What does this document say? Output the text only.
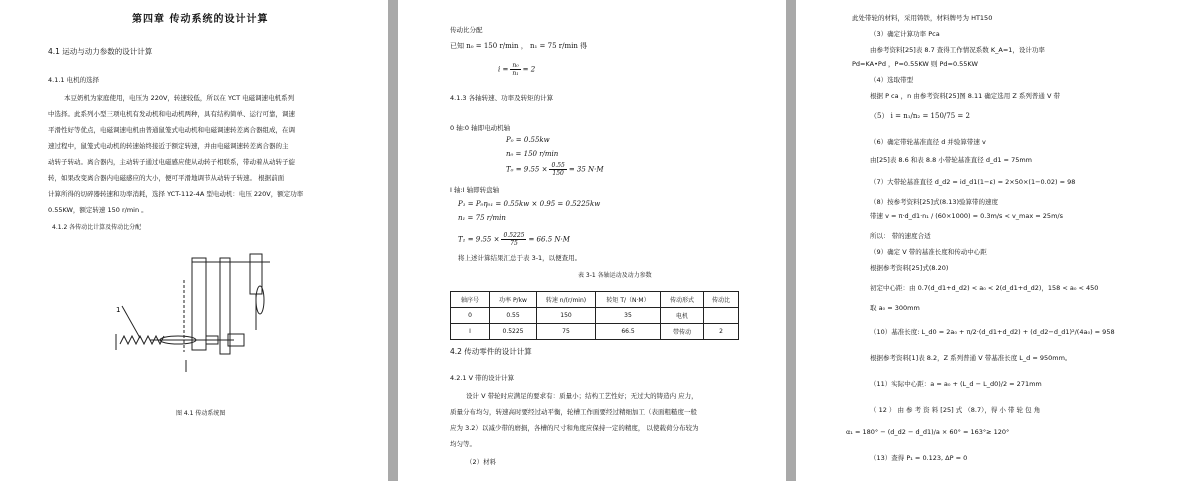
第四章 传动系统的设计计算
4.1 运动与动力参数的设计计算
4.1.1 电机的选择
本豆奶机为家庭使用，电压为 220V，转速较低，所以在 YCT 电磁调速电机系列
中选择。此系列小型三项电机有发动机和电动机两种，具有结构简单、运行可靠，调速
平滑性好等优点，电磁调速电机由普通鼠笼式电动机和电磁调速转差离合器组成，在调
速过程中，鼠笼式电动机的转速始终接近于额定转速，并由电磁调速转差离合器的主
动转子转动。离合器内，主动转子通过电磁感应使从动转子相联系，带动着从动转子旋
转，如果改变离合器内电磁感应的大小，便可平滑地调节从动转子转速。 根据前面
计算所得的切碎器转速和功率消耗，选择 YCT-112-4A 型电动机：电压 220V，额定功率
0.55KW，额定转速 150 r/min 。
4.1.2 各传动比计算及传动比分配
1
图 4.1 传动系统图
传动比分配
已知 n₀ = 150 r/min ， n₁ = 75 r/min 得
$i = \frac{\text{n₀}}{\text{n₁}} = 2$
4.1.3 各轴转速、功率及转矩的计算
0 轴:0 轴即电动机轴
P₀ = 0.55kw
n₀ = 150 r/min
$T_0 = 9.55 \times \frac{0.55}{150} = 35$ N·M
I 轴:I 轴即转盘轴
P₁ = P₀η₀₁ = 0.55kw × 0.95 = 0.5225kw
n₁ = 75 r/min
$T_1 = 9.55 \times \frac{0.5225}{75} = 66.5$ N·M
将上述计算结果汇总于表 3-1，以便查用。
表 3-1 各轴运动及动力参数
轴序号	功率 P/kw	转速 n/(r/min)	转矩 T/（N·M）	传动形式	传动比
0	0.55	150	35	电机	
I	0.5225	75	66.5	带传动	2
4.2 传动零件的设计计算
4.2.1 V 带的设计计算
设计 V 带轮时应满足的要求有：质量小；结构工艺性好；无过大的铸造内 应力，
质量分布均匀，转速高时要经过动平衡，轮槽工作面要经过精细加工（表面粗糙度一般
应为 3.2）以减少带的磨损，各槽的尺寸和角度应保持一定的精度， 以使载荷分布较为
均匀等。
（2）材料
此处带轮的材料，采用铸铁，材料牌号为 HT150
（3）确定计算功率 Pca
由参考资料[25]表 8.7 查得工作情况系数 K_A=1，设计功率
Pd=KA•Pd ，P=0.55KW 则 Pd=0.55KW
（4）选取带型
根据 P ca ，n 由参考资料[25]图 8.11 确定选用 Z 系列普通 V 带
（5） i = n₁/n₂ = 150/75 = 2
（6）确定带轮基准直径 d 并验算带速 v
由[25]表 8.6 和表 8.8 小带轮基准直径 d_d1 = 75mm
（7）大带轮基准直径 d_d2 = id_d1(1−ε) = 2×50×(1−0.02) = 98
（8）按参考资料[25]式(8.13)验算带的速度
带速 v = π·d_d1·n₁ / (60×1000) = 0.3m/s < v_max = 25m/s
所以： 带的速度合适
（9）确定 V 带的基准长度和传动中心距
根据参考资料[25]式(8.20)
初定中心距：由 0.7(d_d1+d_d2) < a₀ < 2(d_d1+d_d2)，158 < a₀ < 450
取 a₀ = 300mm
（10）基准长度: L_d0 = 2a₀ + π/2·(d_d1+d_d2) + (d_d2−d_d1)²/(4a₀) = 958
根据参考资料[1]表 8.2，Z 系列普通 V 带基准长度 L_d = 950mm。
（11）实际中心距：a = a₀ + (L_d − L_d0)/2 = 271mm
（ 12 ） 由 参 考 资 料 [25] 式 （8.7），得 小 带 轮 包 角
α₁ = 180° − (d_d2 − d_d1)/a × 60° = 163°≥ 120°
（13）查得 P₁ = 0.123, ΔP = 0
